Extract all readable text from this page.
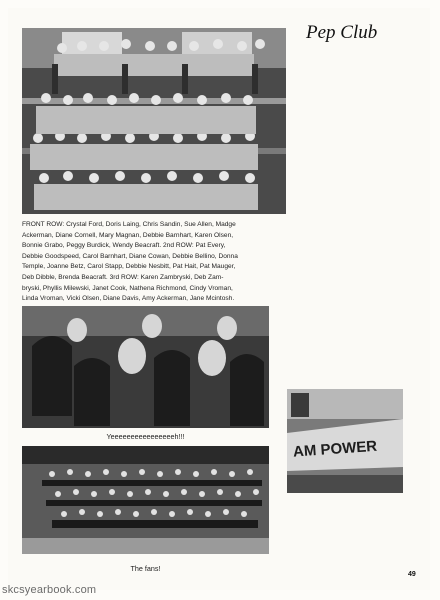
Pep Club
FRONT ROW: Crystal Ford, Doris Laing, Chris Sandin, Sue Allen, Madge
Ackerman, Diane Cornell, Mary Magnan, Debbie Barnhart, Karen Olsen,
Bonnie Grabo, Peggy Burdick, Wendy Beacraft. 2nd ROW: Pat Every,
Debbie Goodspeed, Carol Barnhart, Diane Cowan, Debbie Bellino, Donna
Temple, Joanne Betz, Carol Stapp, Debbie Nesbitt, Pat Hait, Pat Mauger,
Deb Dibble, Brenda Beacraft. 3rd ROW: Karen Zambryski, Deb Zam-
bryski, Phyllis Milewski, Janet Cook, Nathena Richmond, Cindy Vroman,
Linda Vroman, Vicki Olsen, Diane Davis, Amy Ackerman, Jane Mcintosh.
Yeeeeeeeeeeeeeeeeh!!!
The fans!
AM POWER
49
skcsyearbook.com
